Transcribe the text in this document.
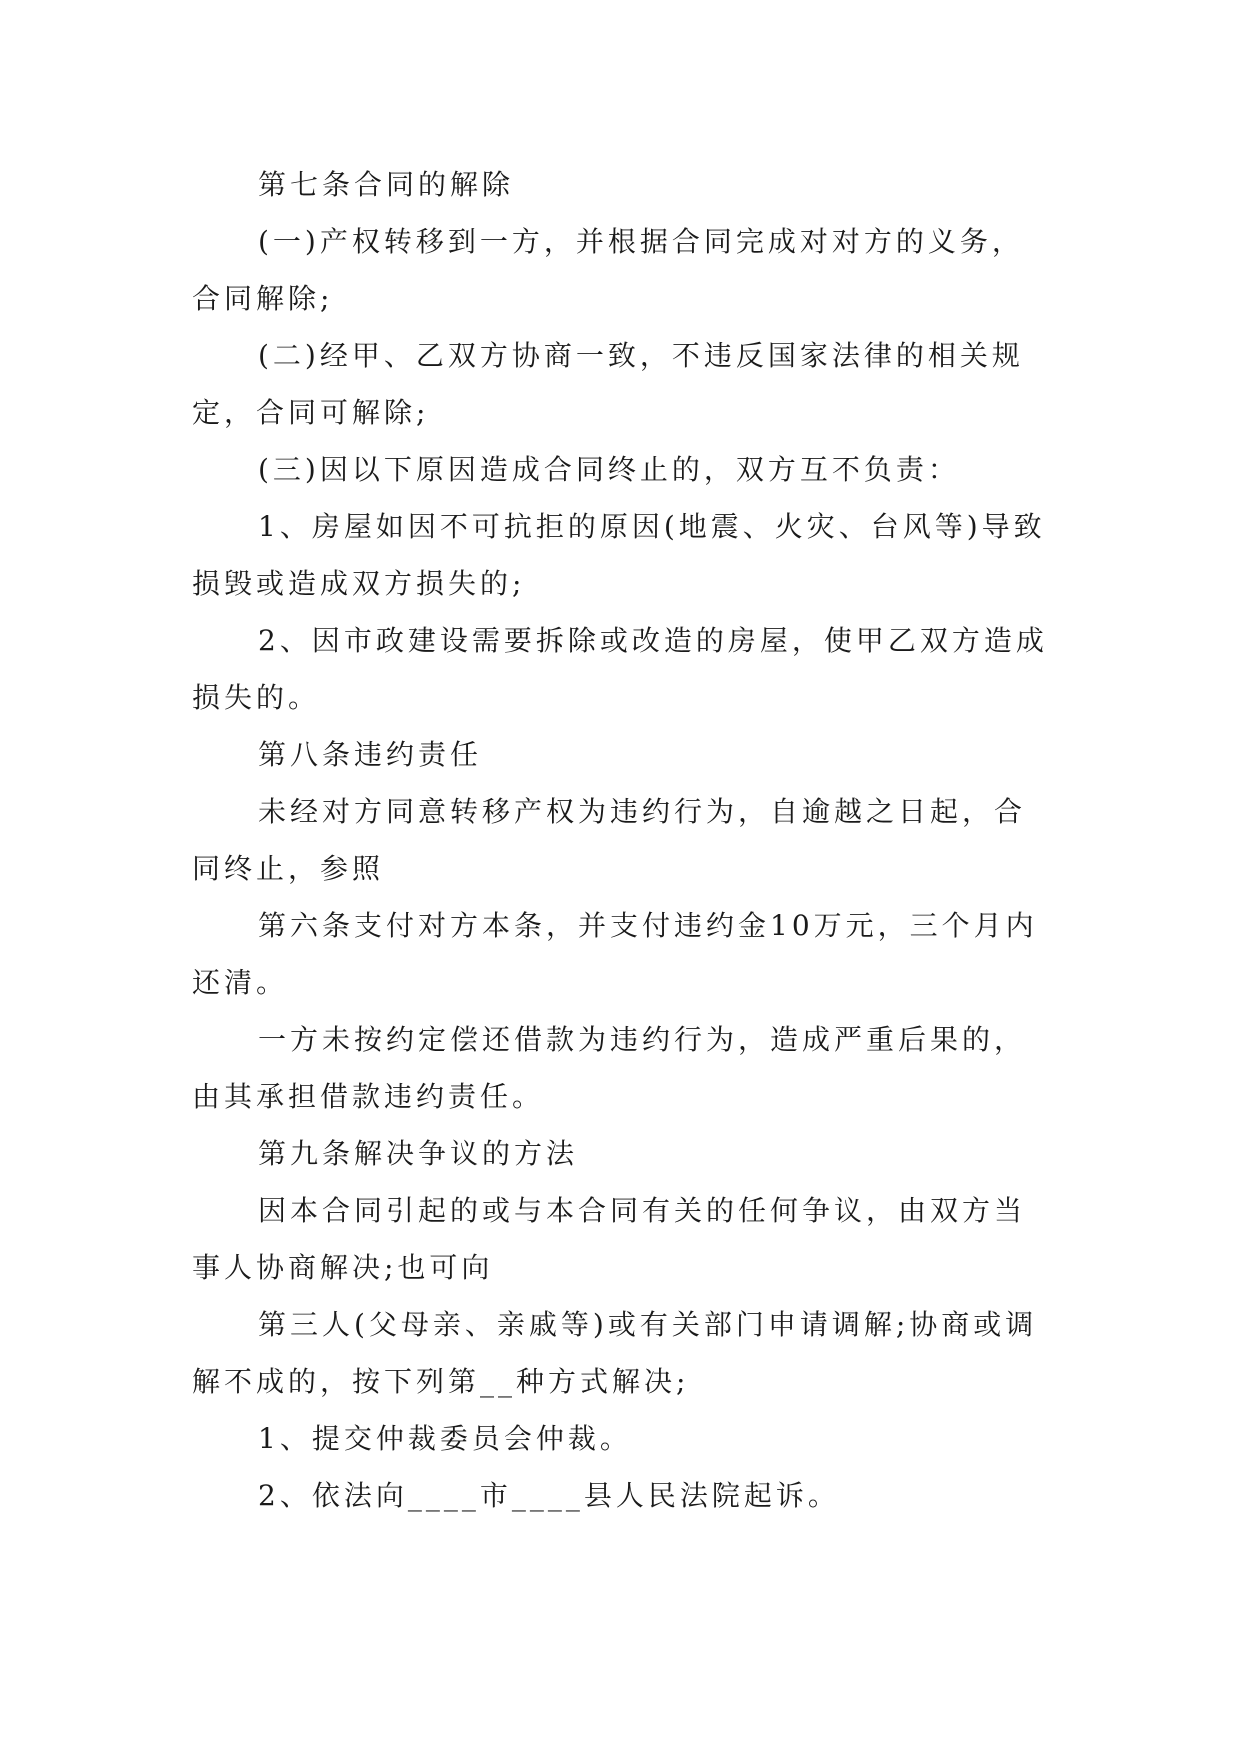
第七条合同的解除

(一)产权转移到一方，并根据合同完成对对方的义务，合同解除;

(二)经甲、乙双方协商一致，不违反国家法律的相关规定，合同可解除;

(三)因以下原因造成合同终止的，双方互不负责：

1、房屋如因不可抗拒的原因(地震、火灾、台风等)导致损毁或造成双方损失的;

2、因市政建设需要拆除或改造的房屋，使甲乙双方造成损失的。

第八条违约责任

未经对方同意转移产权为违约行为，自逾越之日起，合同终止，参照

第六条支付对方本条，并支付违约金10万元，三个月内还清。

一方未按约定偿还借款为违约行为，造成严重后果的，由其承担借款违约责任。

第九条解决争议的方法

因本合同引起的或与本合同有关的任何争议，由双方当事人协商解决;也可向

第三人(父母亲、亲戚等)或有关部门申请调解;协商或调解不成的，按下列第__种方式解决;

1、提交仲裁委员会仲裁。

2、依法向____市____县人民法院起诉。
